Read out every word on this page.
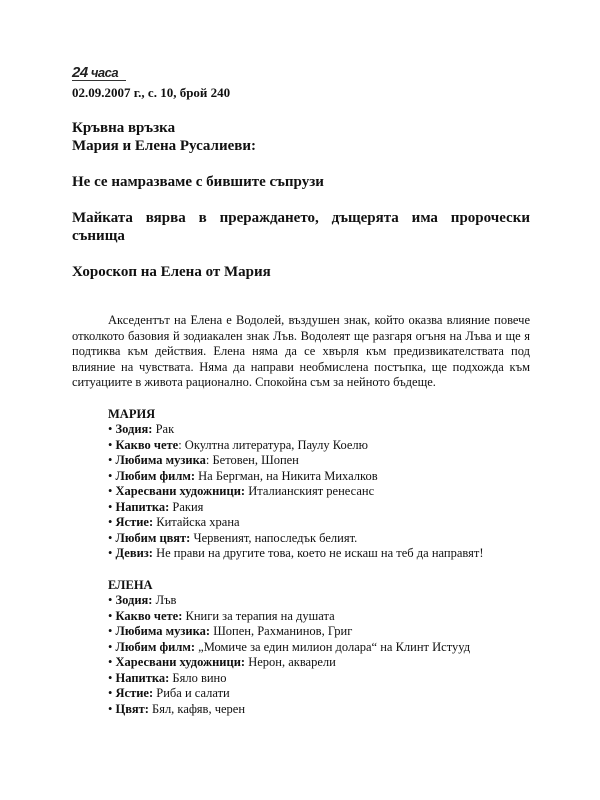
24 часа
02.09.2007 г., с. 10, брой 240

Кръвна връзка

Мария и Елена Русалиеви:

Не се намразваме с бившите съпрузи

Майката вярва в прераждането, дъщерята има пророчески сънища

Хороскоп на Елена от Мария

Акседентът на Елена е Водолей, въздушен знак, който оказва влияние повече отколкото базовия й зодиакален знак Лъв. Водолеят ще разгаря огъня на Лъва и ще я подтиква към действия. Елена няма да се хвърля към предизвикателствата под влияние на чувствата. Няма да направи необмислена постъпка, ще подхожда към ситуациите в живота рационално. Спокойна съм за нейното бъдеще.

МАРИЯ
• Зодия: Рак
• Какво чете: Окултна литература, Паулу Коелю
• Любима музика: Бетовен, Шопен
• Любим филм: На Бергман, на Никита Михалков
• Харесвани художници: Италианският ренесанс
• Напитка: Ракия
• Ястие: Китайска храна
• Любим цвят: Червеният, напоследък белият.
• Девиз: Не прави на другите това, което не искаш на теб да направят!
ЕЛЕНА
• Зодия: Лъв
• Какво чете: Книги за терапия на душата
• Любима музика: Шопен, Рахманинов, Григ
• Любим филм: „Момиче за един милион долара“ на Клинт Истууд
• Харесвани художници: Нерон, акварели
• Напитка: Бяло вино
• Ястие: Риба и салати
• Цвят: Бял, кафяв, черен
